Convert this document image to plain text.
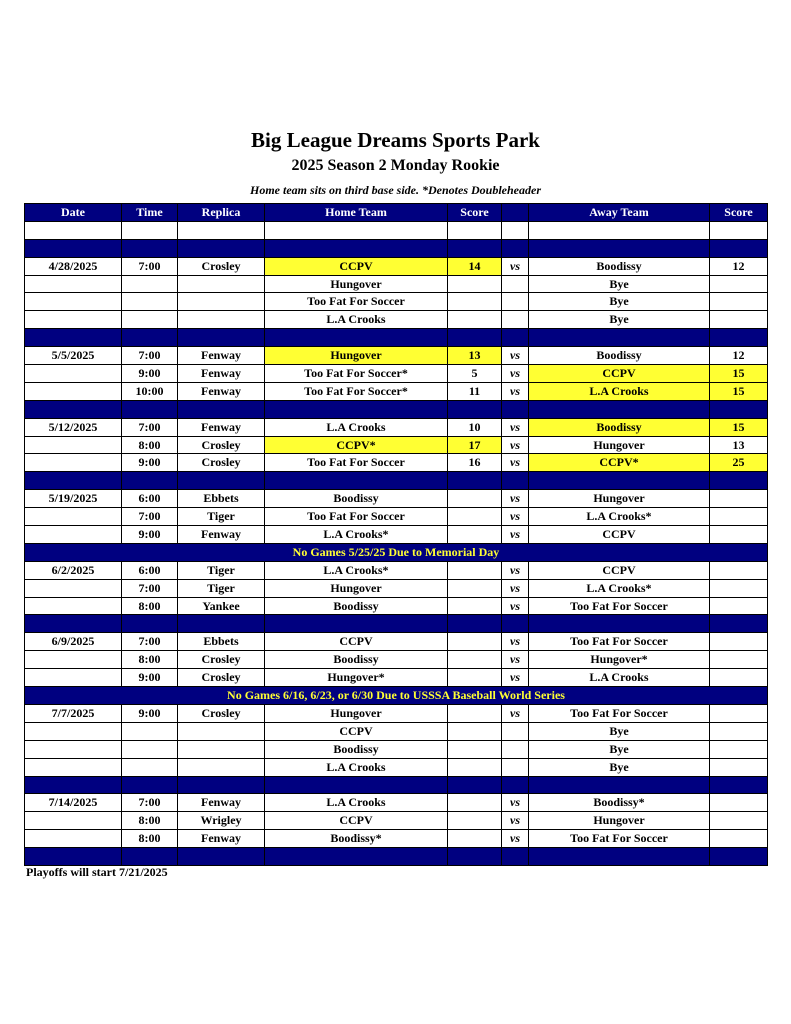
Big League Dreams Sports Park
2025 Season 2 Monday Rookie
Home team sits on third base side. *Denotes Doubleheader
Date	Time	Replica	Home Team	Score		Away Team	Score

4/28/2025	7:00	Crosley	CCPV	14	vs	Boodissy	12
			Hungover			Bye	
			Too Fat For Soccer			Bye	
			L.A Crooks			Bye	

5/5/2025	7:00	Fenway	Hungover	13	vs	Boodissy	12
	9:00	Fenway	Too Fat For Soccer*	5	vs	CCPV	15
	10:00	Fenway	Too Fat For Soccer*	11	vs	L.A Crooks	15

5/12/2025	7:00	Fenway	L.A Crooks	10	vs	Boodissy	15
	8:00	Crosley	CCPV*	17	vs	Hungover	13
	9:00	Crosley	Too Fat For Soccer	16	vs	CCPV*	25

5/19/2025	6:00	Ebbets	Boodissy		vs	Hungover	
	7:00	Tiger	Too Fat For Soccer		vs	L.A Crooks*	
	9:00	Fenway	L.A Crooks*		vs	CCPV	
No Games 5/25/25 Due to Memorial Day							
6/2/2025	6:00	Tiger	L.A Crooks*		vs	CCPV	
	7:00	Tiger	Hungover		vs	L.A Crooks*	
	8:00	Yankee	Boodissy		vs	Too Fat For Soccer	

6/9/2025	7:00	Ebbets	CCPV		vs	Too Fat For Soccer	
	8:00	Crosley	Boodissy		vs	Hungover*	
	9:00	Crosley	Hungover*		vs	L.A Crooks	
No Games 6/16, 6/23, or 6/30 Due to USSSA Baseball World Series							
7/7/2025	9:00	Crosley	Hungover		vs	Too Fat For Soccer	
			CCPV			Bye	
			Boodissy			Bye	
			L.A Crooks			Bye	

7/14/2025	7:00	Fenway	L.A Crooks		vs	Boodissy*	
	8:00	Wrigley	CCPV		vs	Hungover	
	8:00	Fenway	Boodissy*		vs	Too Fat For Soccer	

Playoffs will start 7/21/2025
